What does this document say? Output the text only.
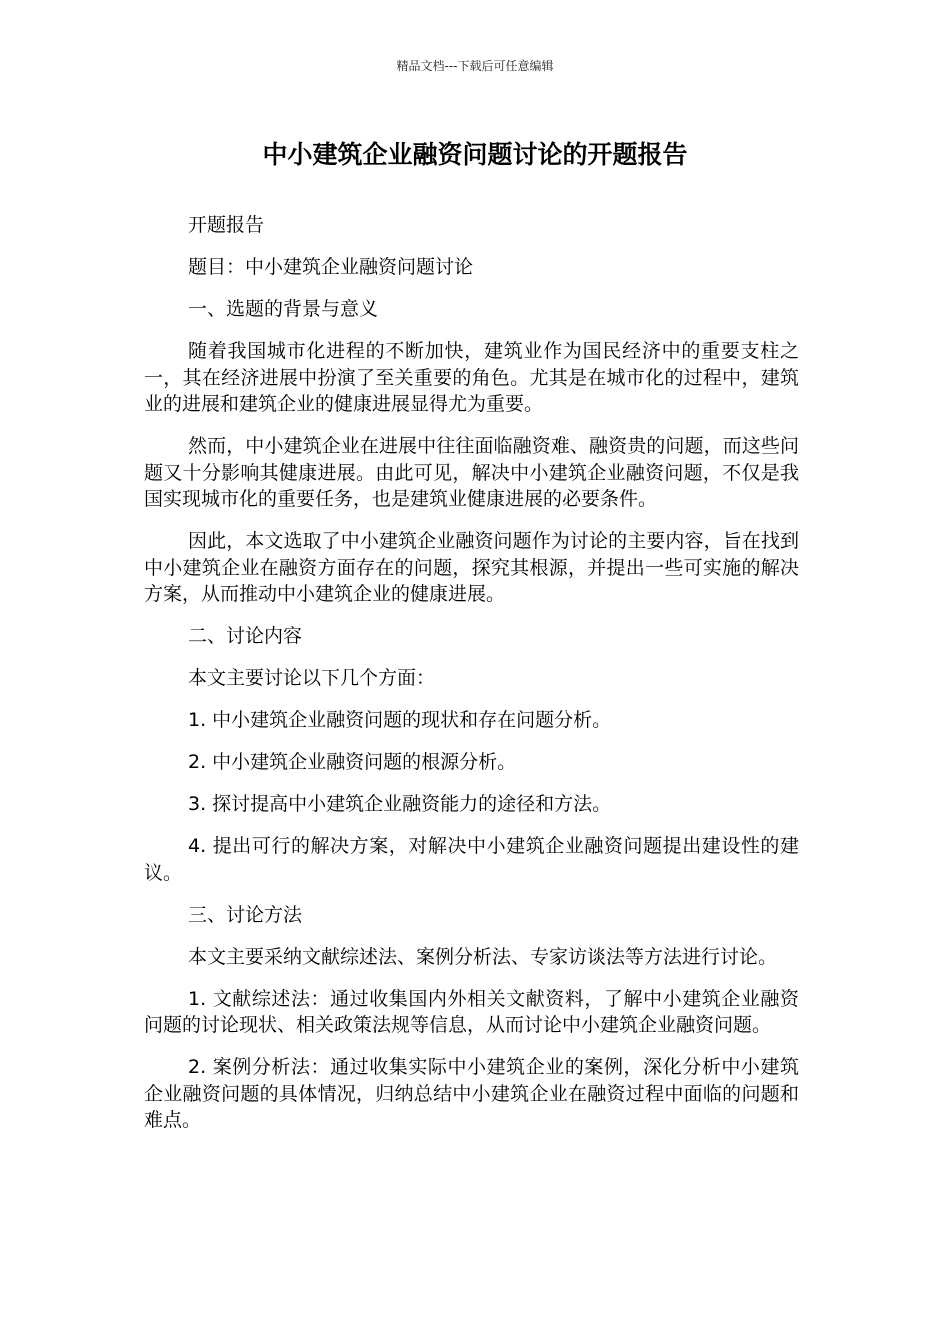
精品文档---下载后可任意编辑
中小建筑企业融资问题讨论的开题报告

开题报告

题目：中小建筑企业融资问题讨论

一、选题的背景与意义

随着我国城市化进程的不断加快，建筑业作为国民经济中的重要支柱之一，其在经济进展中扮演了至关重要的角色。尤其是在城市化的过程中，建筑业的进展和建筑企业的健康进展显得尤为重要。

然而，中小建筑企业在进展中往往面临融资难、融资贵的问题，而这些问题又十分影响其健康进展。由此可见，解决中小建筑企业融资问题，不仅是我国实现城市化的重要任务，也是建筑业健康进展的必要条件。

因此，本文选取了中小建筑企业融资问题作为讨论的主要内容，旨在找到中小建筑企业在融资方面存在的问题，探究其根源，并提出一些可实施的解决方案，从而推动中小建筑企业的健康进展。

二、讨论内容

本文主要讨论以下几个方面：

1. 中小建筑企业融资问题的现状和存在问题分析。

2. 中小建筑企业融资问题的根源分析。

3. 探讨提高中小建筑企业融资能力的途径和方法。

4. 提出可行的解决方案，对解决中小建筑企业融资问题提出建设性的建议。

三、讨论方法

本文主要采纳文献综述法、案例分析法、专家访谈法等方法进行讨论。

1. 文献综述法：通过收集国内外相关文献资料，了解中小建筑企业融资问题的讨论现状、相关政策法规等信息，从而讨论中小建筑企业融资问题。

2. 案例分析法：通过收集实际中小建筑企业的案例，深化分析中小建筑企业融资问题的具体情况，归纳总结中小建筑企业在融资过程中面临的问题和难点。
